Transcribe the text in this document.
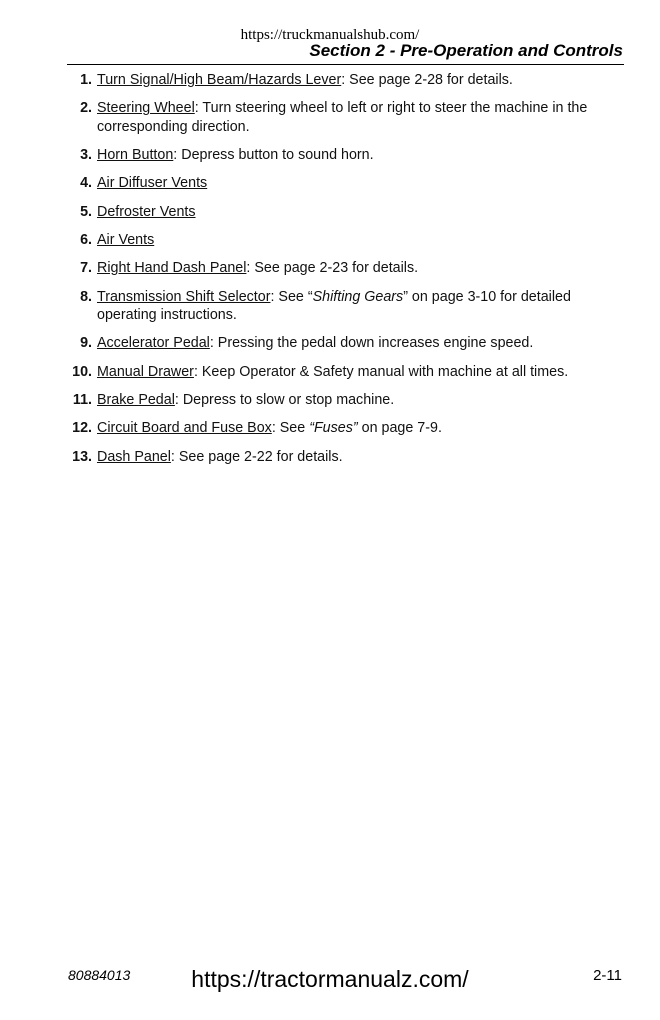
https://truckmanualshub.com/
Section 2 - Pre-Operation and Controls
1. Turn Signal/High Beam/Hazards Lever: See page 2-28 for details.
2. Steering Wheel: Turn steering wheel to left or right to steer the machine in the corresponding direction.
3. Horn Button: Depress button to sound horn.
4. Air Diffuser Vents
5. Defroster Vents
6. Air Vents
7. Right Hand Dash Panel: See page 2-23 for details.
8. Transmission Shift Selector: See “Shifting Gears” on page 3-10 for detailed operating instructions.
9. Accelerator Pedal: Pressing the pedal down increases engine speed.
10. Manual Drawer: Keep Operator & Safety manual with machine at all times.
11. Brake Pedal: Depress to slow or stop machine.
12. Circuit Board and Fuse Box: See “Fuses” on page 7-9.
13. Dash Panel: See page 2-22 for details.
80884013	https://tractormanualz.com/	2-11
